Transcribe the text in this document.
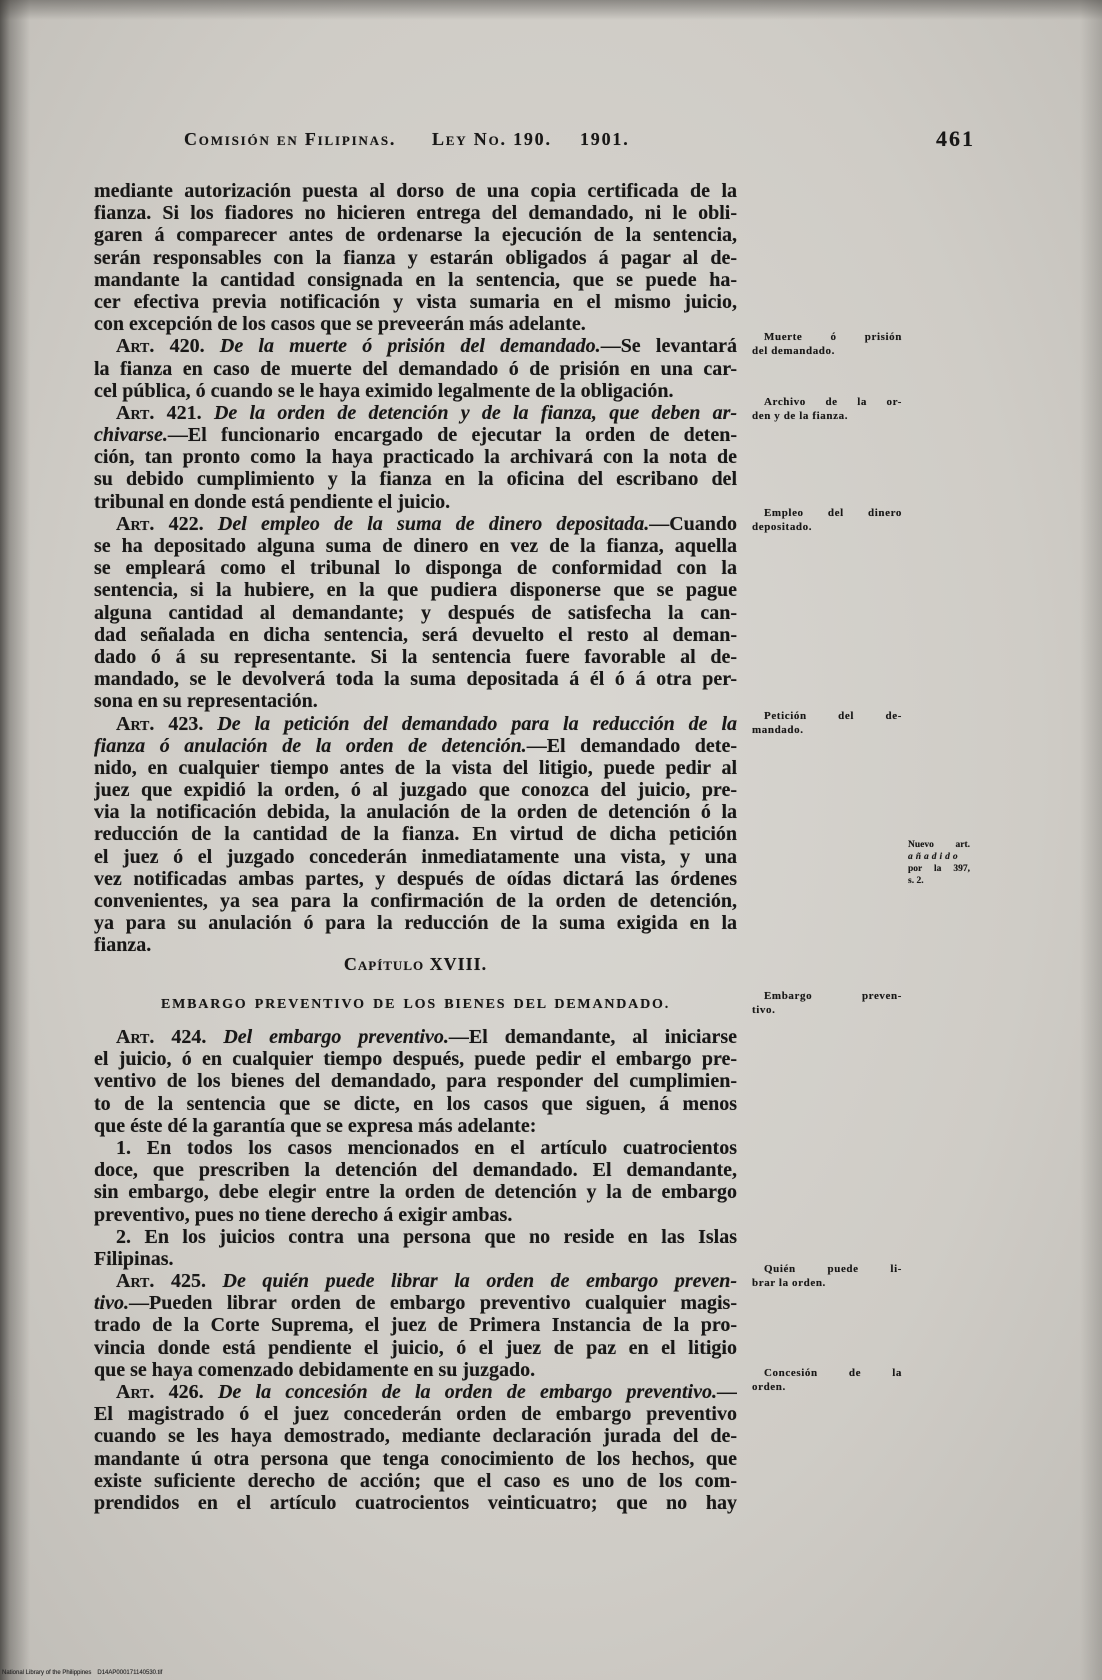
Comisión en Filipinas. Ley No. 190. 1901.	461
mediante autorización puesta al dorso de una copia certificada de la
fianza. Si los fiadores no hicieren entrega del demandado, ni le obli-
garen á comparecer antes de ordenarse la ejecución de la sentencia,
serán responsables con la fianza y estarán obligados á pagar al de-
mandante la cantidad consignada en la sentencia, que se puede ha-
cer efectiva previa notificación y vista sumaria en el mismo juicio,
con excepción de los casos que se preveerán más adelante.
Art. 420. De la muerte ó prisión del demandado.—Se levantará
la fianza en caso de muerte del demandado ó de prisión en una car-
cel pública, ó cuando se le haya eximido legalmente de la obligación.
Art. 421. De la orden de detención y de la fianza, que deben ar-
chivarse.—El funcionario encargado de ejecutar la orden de deten-
ción, tan pronto como la haya practicado la archivará con la nota de
su debido cumplimiento y la fianza en la oficina del escribano del
tribunal en donde está pendiente el juicio.
Art. 422. Del empleo de la suma de dinero depositada.—Cuando
se ha depositado alguna suma de dinero en vez de la fianza, aquella
se empleará como el tribunal lo disponga de conformidad con la
sentencia, si la hubiere, en la que pudiera disponerse que se pague
alguna cantidad al demandante; y después de satisfecha la can-
dad señalada en dicha sentencia, será devuelto el resto al deman-
dado ó á su representante. Si la sentencia fuere favorable al de-
mandado, se le devolverá toda la suma depositada á él ó á otra per-
sona en su representación.
Art. 423. De la petición del demandado para la reducción de la
fianza ó anulación de la orden de detención.—El demandado dete-
nido, en cualquier tiempo antes de la vista del litigio, puede pedir al
juez que expidió la orden, ó al juzgado que conozca del juicio, pre-
via la notificación debida, la anulación de la orden de detención ó la
reducción de la cantidad de la fianza. En virtud de dicha petición
el juez ó el juzgado concederán inmediatamente una vista, y una
vez notificadas ambas partes, y después de oídas dictará las órdenes
convenientes, ya sea para la confirmación de la orden de detención,
ya para su anulación ó para la reducción de la suma exigida en la
fianza.
Capítulo XVIII.
EMBARGO PREVENTIVO DE LOS BIENES DEL DEMANDADO.
Art. 424. Del embargo preventivo.—El demandante, al iniciarse
el juicio, ó en cualquier tiempo después, puede pedir el embargo pre-
ventivo de los bienes del demandado, para responder del cumplimien-
to de la sentencia que se dicte, en los casos que siguen, á menos
que éste dé la garantía que se expresa más adelante:
1. En todos los casos mencionados en el artículo cuatrocientos
doce, que prescriben la detención del demandado. El demandante,
sin embargo, debe elegir entre la orden de detención y la de embargo
preventivo, pues no tiene derecho á exigir ambas.
2. En los juicios contra una persona que no reside en las Islas
Filipinas.
Art. 425. De quién puede librar la orden de embargo preven-
tivo.—Pueden librar orden de embargo preventivo cualquier magis-
trado de la Corte Suprema, el juez de Primera Instancia de la pro-
vincia donde está pendiente el juicio, ó el juez de paz en el litigio
que se haya comenzado debidamente en su juzgado.
Art. 426. De la concesión de la orden de embargo preventivo.—
El magistrado ó el juez concederán orden de embargo preventivo
cuando se les haya demostrado, mediante declaración jurada del de-
mandante ú otra persona que tenga conocimiento de los hechos, que
existe suficiente derecho de acción; que el caso es uno de los com-
prendidos en el artículo cuatrocientos veinticuatro; que no hay
Muerte ó prisión
del demandado.
Archivo de la or-
den y de la fianza.
Empleo del dinero
depositado.
Petición del de-
mandado.
Embargo preven-
tivo.
Quién puede li-
brar la orden.
Concesión de la
orden.
Nuevo art.
añadido
por la 397,
s. 2.
National Library of the Philippines D14AP000171140530.tif
